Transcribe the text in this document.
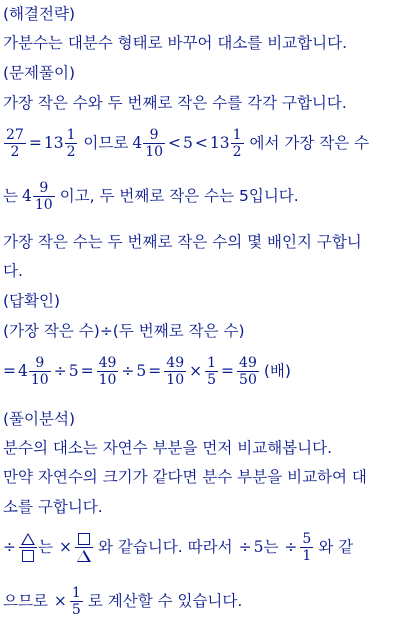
(해결전략)
가분수는 대분수 형태로 바꾸어 대소를 비교합니다.
(문제풀이)
가장 작은 수와 두 번째로 작은 수를 각각 구합니다.
$\frac{27}{2} = 13 \frac{1}{2}$ 이므로 $4 \frac{9}{10} < 5 < 13 \frac{1}{2}$ 에서 가장 작은 수
는 $4 \frac{9}{10}$ 이고, 두 번째로 작은 수는 5입니다.
가장 작은 수는 두 번째로 작은 수의 몇 배인지 구합니
다.
(답확인)
(가장 작은 수)÷(두 번째로 작은 수)
= $4 \frac{9}{10} \div 5 = \frac{49}{10} \div 5 = \frac{49}{10} \times \frac{1}{5} = \frac{49}{50}$ (배)
(풀이분석)
분수의 대소는 자연수 부분을 먼저 비교해봅니다.
만약 자연수의 크기가 같다면 분수 부분을 비교하여 대
소를 구합니다.
÷ 는 × 와 같습니다. 따라서 ÷ 5는 ÷ $\frac{5}{1}$ 와 같
으므로 × $\frac{1}{5}$ 로 계산할 수 있습니다.
